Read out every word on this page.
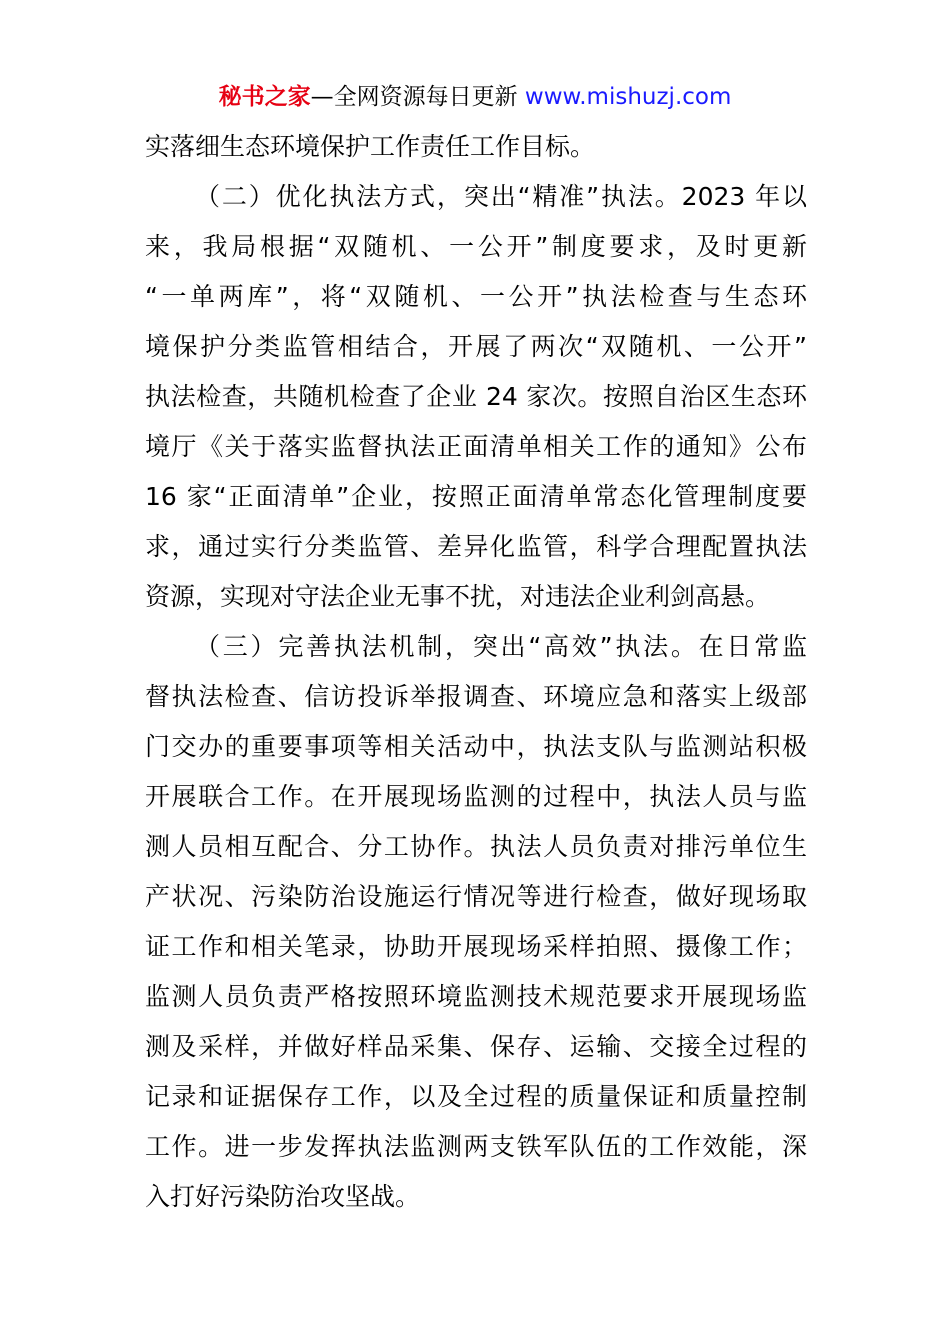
秘书之家—全网资源每日更新 www.mishuzj.com
实落细生态环境保护工作责任工作目标。
（二）优化执法方式，突出“精准”执法。2023 年以
来，我局根据“双随机、一公开”制度要求，及时更新
“一单两库”，将“双随机、一公开”执法检查与生态环
境保护分类监管相结合，开展了两次“双随机、一公开”
执法检查，共随机检查了企业 24 家次。按照自治区生态环
境厅《关于落实监督执法正面清单相关工作的通知》公布
16 家“正面清单”企业，按照正面清单常态化管理制度要
求，通过实行分类监管、差异化监管，科学合理配置执法
资源，实现对守法企业无事不扰，对违法企业利剑高悬。
（三）完善执法机制，突出“高效”执法。在日常监
督执法检查、信访投诉举报调查、环境应急和落实上级部
门交办的重要事项等相关活动中，执法支队与监测站积极
开展联合工作。在开展现场监测的过程中，执法人员与监
测人员相互配合、分工协作。执法人员负责对排污单位生
产状况、污染防治设施运行情况等进行检查，做好现场取
证工作和相关笔录，协助开展现场采样拍照、摄像工作；
监测人员负责严格按照环境监测技术规范要求开展现场监
测及采样，并做好样品采集、保存、运输、交接全过程的
记录和证据保存工作，以及全过程的质量保证和质量控制
工作。进一步发挥执法监测两支铁军队伍的工作效能，深
入打好污染防治攻坚战。
